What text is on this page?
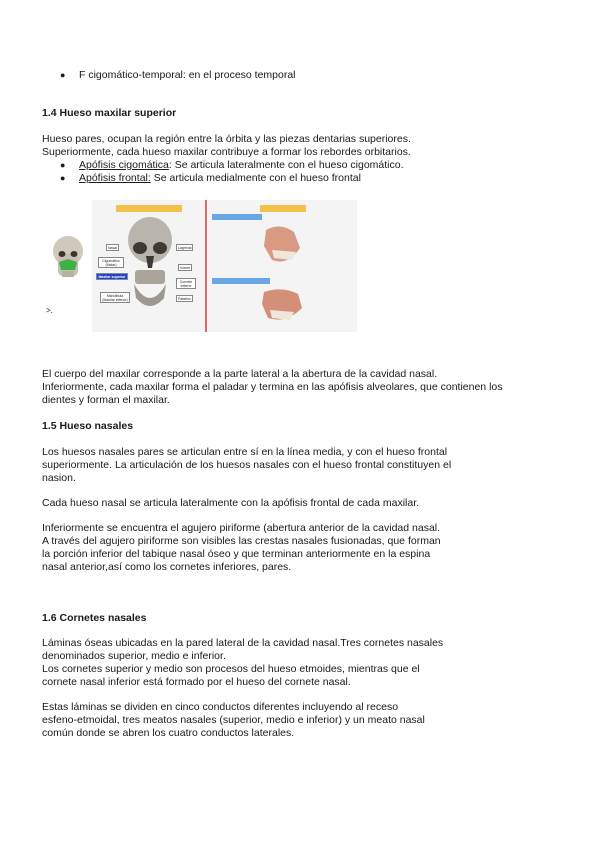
● F cigomático-temporal: en el proceso temporal
1.4 Hueso maxilar superior
Hueso pares, ocupan la región entre la órbita y las piezas dentarias superiores.
Superiormente, cada hueso maxilar contribuye a formar los rebordes orbitarios.
● Apófisis cigomática: Se articula lateralmente con el hueso cigomático.
● Apófisis frontal: Se articula medialmente con el hueso frontal
˃.
Nasal
Cigomático (Malar)
Maxilar superior
Mandíbula (Maxilar inferior)
Lagrimal
Vómer
Cornete Inferior
Palatino
El cuerpo del maxilar corresponde a la parte lateral a la abertura de la cavidad nasal.
Inferiormente, cada maxilar forma el paladar y termina en las apófisis alveolares, que contienen los
dientes y forman el maxilar.
1.5 Hueso nasales
Los huesos nasales pares se articulan entre sí en la línea media, y con el hueso frontal
superiormente. La articulación de los huesos nasales con el hueso frontal constituyen el
nasion.
Cada hueso nasal se articula lateralmente con la apófisis frontal de cada maxilar.
Inferiormente se encuentra el agujero piriforme (abertura anterior de la cavidad nasal.
A través del agujero piriforme son visibles las crestas nasales fusionadas, que forman
la porción inferior del tabique nasal óseo y que terminan anteriormente en la espina
nasal anterior,así como los cornetes inferiores, pares.
1.6 Cornetes nasales
Láminas óseas ubicadas en la pared lateral de la cavidad nasal.Tres cornetes nasales
denominados superior, medio e inferior.
Los cornetes superior y medio son procesos del hueso etmoides, mientras que el
cornete nasal inferior está formado por el hueso del cornete nasal.
Estas láminas se dividen en cinco conductos diferentes incluyendo al receso
esfeno-etmoidal, tres meatos nasales (superior, medio e inferior) y un meato nasal
común donde se abren los cuatro conductos laterales.
